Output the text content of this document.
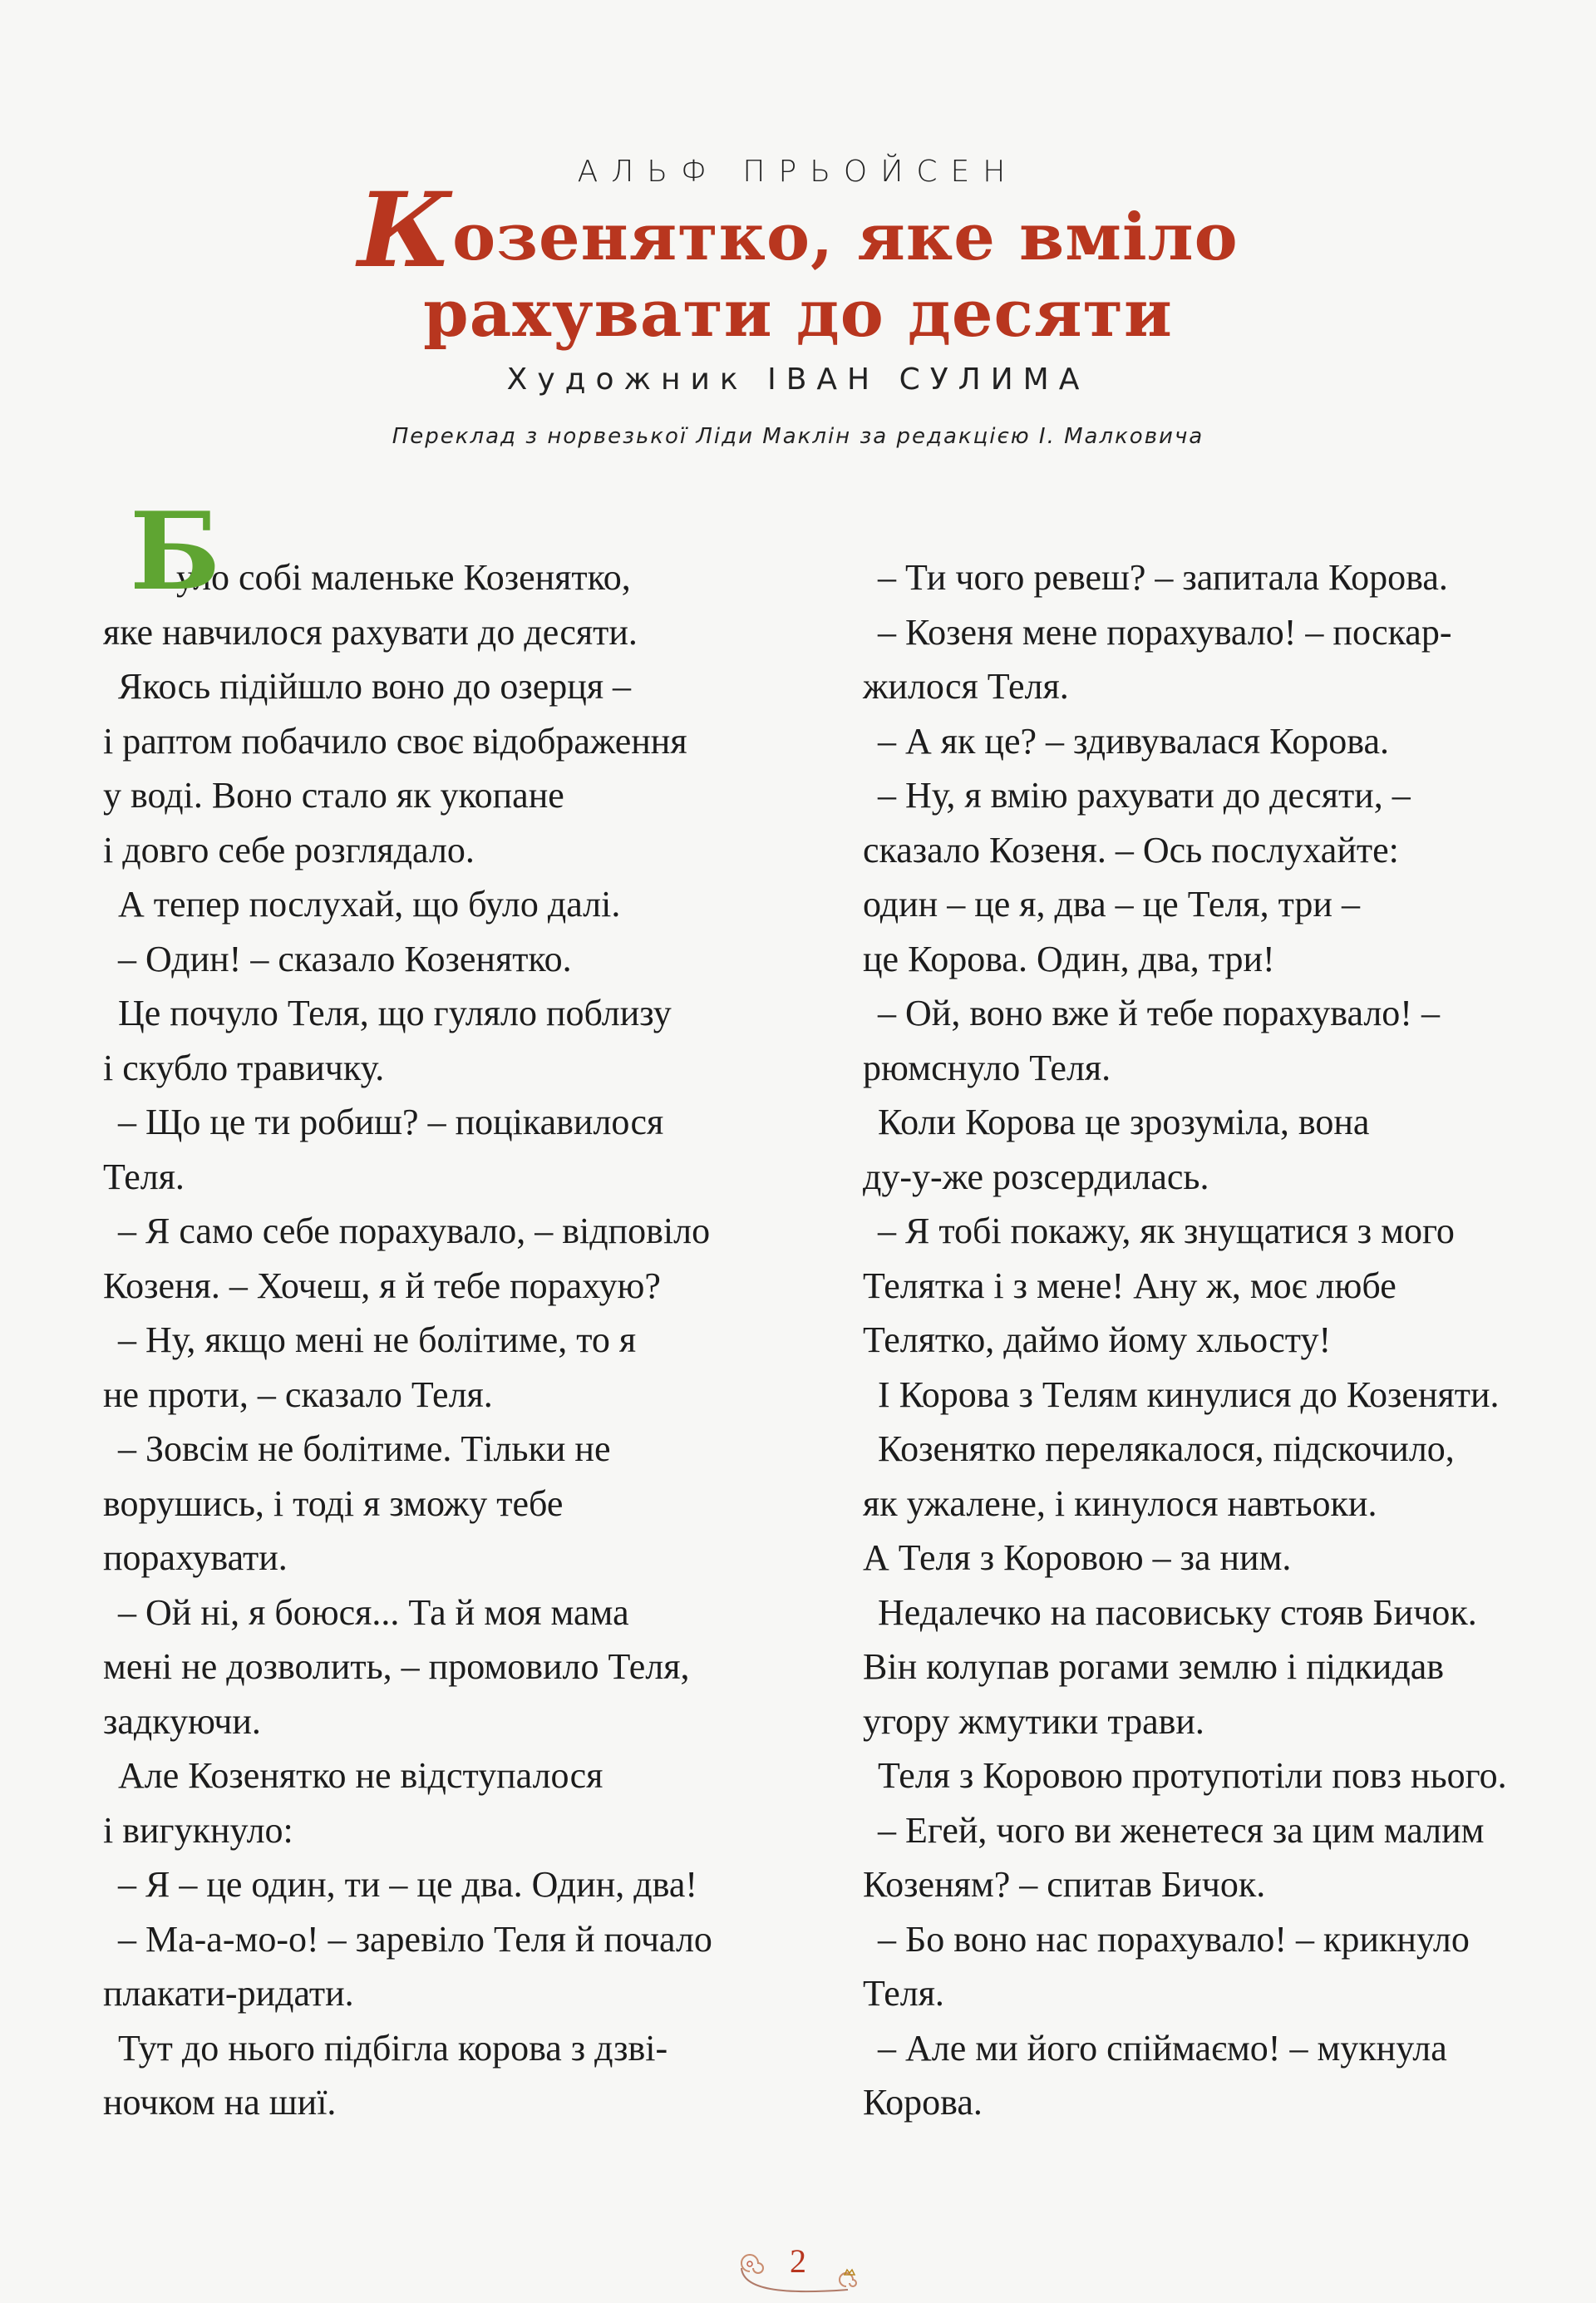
АЛЬФ ПРЬОЙСЕН
Козенятко, яке вміло
рахувати до десяти
Художник ІВАН СУЛИМА
Переклад з норвезької Ліди Маклін за редакцією І. Малковича
Б
уло собі маленьке Козенятко,
яке навчилося рахувати до десяти.
Якось підійшло воно до озерця –
і раптом побачило своє відображення
у воді. Воно стало як укопане
і довго себе розглядало.
А тепер послухай, що було далі.
– Один! – сказало Козенятко.
Це почуло Теля, що гуляло поблизу
і скубло травичку.
– Що це ти робиш? – поцікавилося
Теля.
– Я само себе порахувало, – відповіло
Козеня. – Хочеш, я й тебе порахую?
– Ну, якщо мені не болітиме, то я
не проти, – сказало Теля.
– Зовсім не болітиме. Тільки не
ворушись, і тоді я зможу тебе
порахувати.
– Ой ні, я боюся... Та й моя мама
мені не дозволить, – промовило Теля,
задкуючи.
Але Козенятко не відступалося
і вигукнуло:
– Я – це один, ти – це два. Один, два!
– Ма-а-мо-о! – заревіло Теля й почало
плакати-ридати.
Тут до нього підбігла корова з дзві-
ночком на шиї.
– Ти чого ревеш? – запитала Корова.
– Козеня мене порахувало! – поскар-
жилося Теля.
– А як це? – здивувалася Корова.
– Ну, я вмію рахувати до десяти, –
сказало Козеня. – Ось послухайте:
один – це я, два – це Теля, три –
це Корова. Один, два, три!
– Ой, воно вже й тебе порахувало! –
рюмснуло Теля.
Коли Корова це зрозуміла, вона
ду-у-же розсердилась.
– Я тобі покажу, як знущатися з мого
Телятка і з мене! Ану ж, моє любе
Телятко, даймо йому хльосту!
І Корова з Телям кинулися до Козеняти.
Козенятко перелякалося, підскочило,
як ужалене, і кинулося навтьоки.
А Теля з Коровою – за ним.
Недалечко на пасовиську стояв Бичок.
Він колупав рогами землю і підкидав
угору жмутики трави.
Теля з Коровою протупотіли повз нього.
– Егей, чого ви женетеся за цим малим
Козеням? – спитав Бичок.
– Бо воно нас порахувало! – крикнуло
Теля.
– Але ми його спіймаємо! – мукнула
Корова.
2
